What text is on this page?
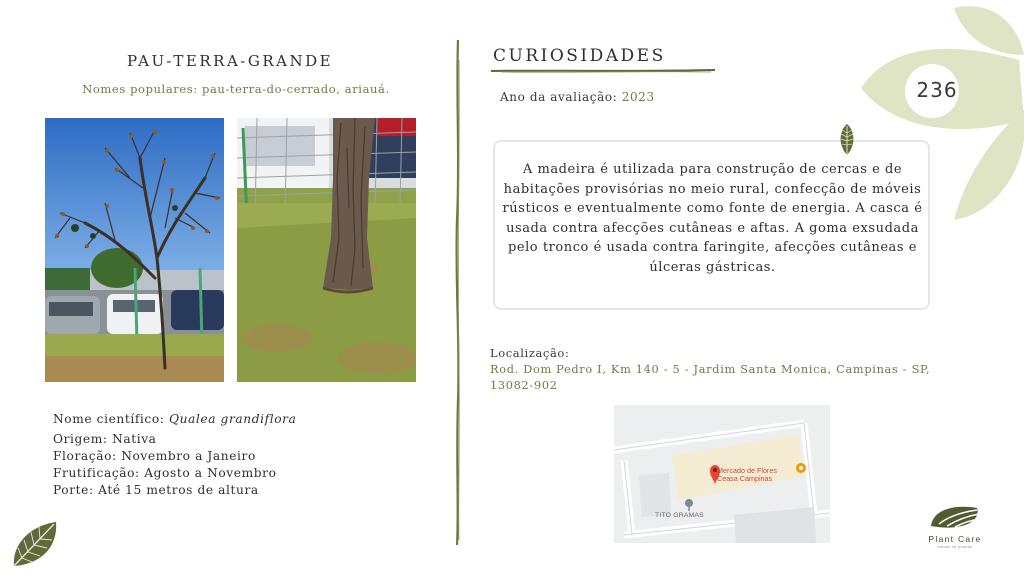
PAU-TERRA-GRANDE
Nomes populares: pau-terra-do-cerrado, ariauá.
Nome científico: Qualea grandiflora
Origem: Nativa
Floração: Novembro a Janeiro
Frutificação: Agosto a Novembro
Porte: Até 15 metros de altura
CURIOSIDADES
Ano da avaliação: 2023	236
A madeira é utilizada para construção de cercas e de habitações provisórias no meio rural, confecção de móveis rústicos e eventualmente como fonte de energia. A casca é usada contra afecções cutâneas e aftas. A goma exsudada pelo tronco é usada contra faringite, afecções cutâneas e úlceras gástricas.
Localização:
Rod. Dom Pedro I, Km 140 - 5 - Jardim Santa Monica, Campinas - SP, 13082-902
Mercado de Flores
Ceasa Campinas
TITO GRAMAS
Plant Care
estudo de plantas
